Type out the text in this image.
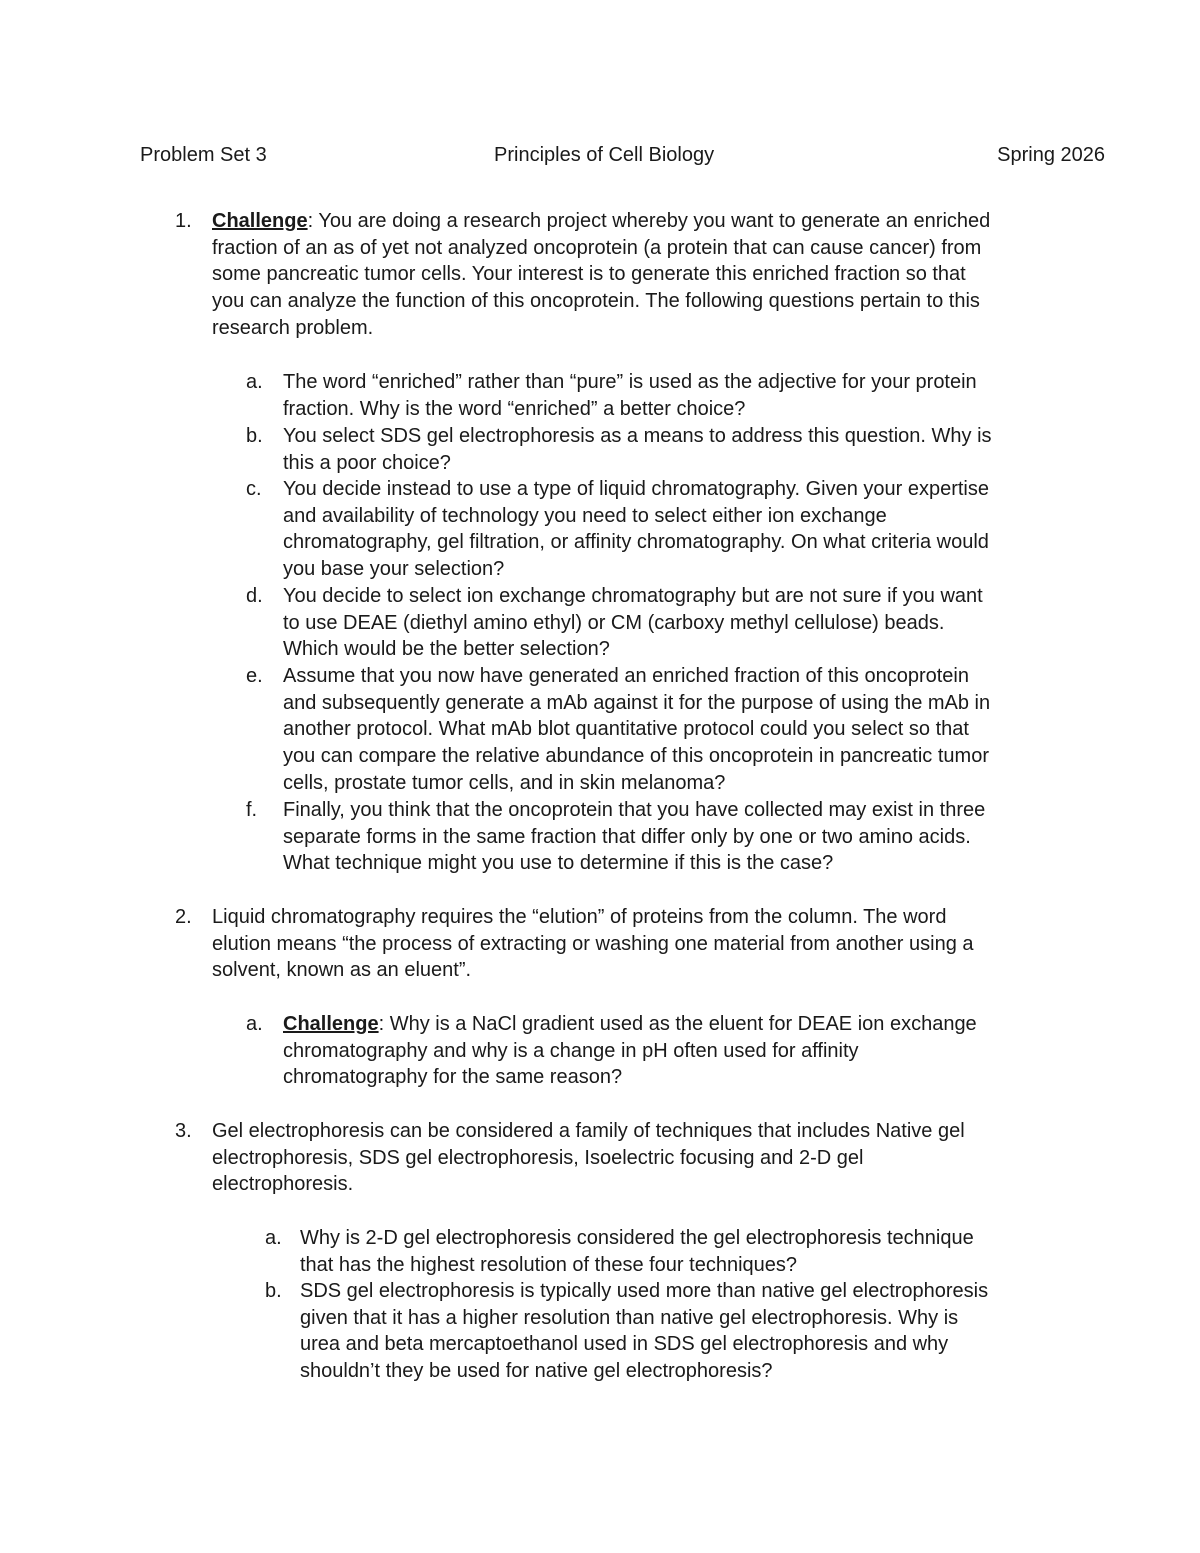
Problem Set 3	Principles of Cell Biology	Spring 2026
1. Challenge: You are doing a research project whereby you want to generate an enriched
fraction of an as of yet not analyzed oncoprotein (a protein that can cause cancer) from
some pancreatic tumor cells. Your interest is to generate this enriched fraction so that
you can analyze the function of this oncoprotein. The following questions pertain to this
research problem.
a. The word “enriched” rather than “pure” is used as the adjective for your protein
fraction. Why is the word “enriched” a better choice?
b. You select SDS gel electrophoresis as a means to address this question. Why is
this a poor choice?
c. You decide instead to use a type of liquid chromatography. Given your expertise
and availability of technology you need to select either ion exchange
chromatography, gel filtration, or affinity chromatography. On what criteria would
you base your selection?
d. You decide to select ion exchange chromatography but are not sure if you want
to use DEAE (diethyl amino ethyl) or CM (carboxy methyl cellulose) beads.
Which would be the better selection?
e. Assume that you now have generated an enriched fraction of this oncoprotein
and subsequently generate a mAb against it for the purpose of using the mAb in
another protocol. What mAb blot quantitative protocol could you select so that
you can compare the relative abundance of this oncoprotein in pancreatic tumor
cells, prostate tumor cells, and in skin melanoma?
f. Finally, you think that the oncoprotein that you have collected may exist in three
separate forms in the same fraction that differ only by one or two amino acids.
What technique might you use to determine if this is the case?
2. Liquid chromatography requires the “elution” of proteins from the column. The word
elution means “the process of extracting or washing one material from another using a
solvent, known as an eluent”.
a. Challenge: Why is a NaCl gradient used as the eluent for DEAE ion exchange
chromatography and why is a change in pH often used for affinity
chromatography for the same reason?
3. Gel electrophoresis can be considered a family of techniques that includes Native gel
electrophoresis, SDS gel electrophoresis, Isoelectric focusing and 2-D gel
electrophoresis.
a. Why is 2-D gel electrophoresis considered the gel electrophoresis technique
that has the highest resolution of these four techniques?
b. SDS gel electrophoresis is typically used more than native gel electrophoresis
given that it has a higher resolution than native gel electrophoresis. Why is
urea and beta mercaptoethanol used in SDS gel electrophoresis and why
shouldn’t they be used for native gel electrophoresis?
